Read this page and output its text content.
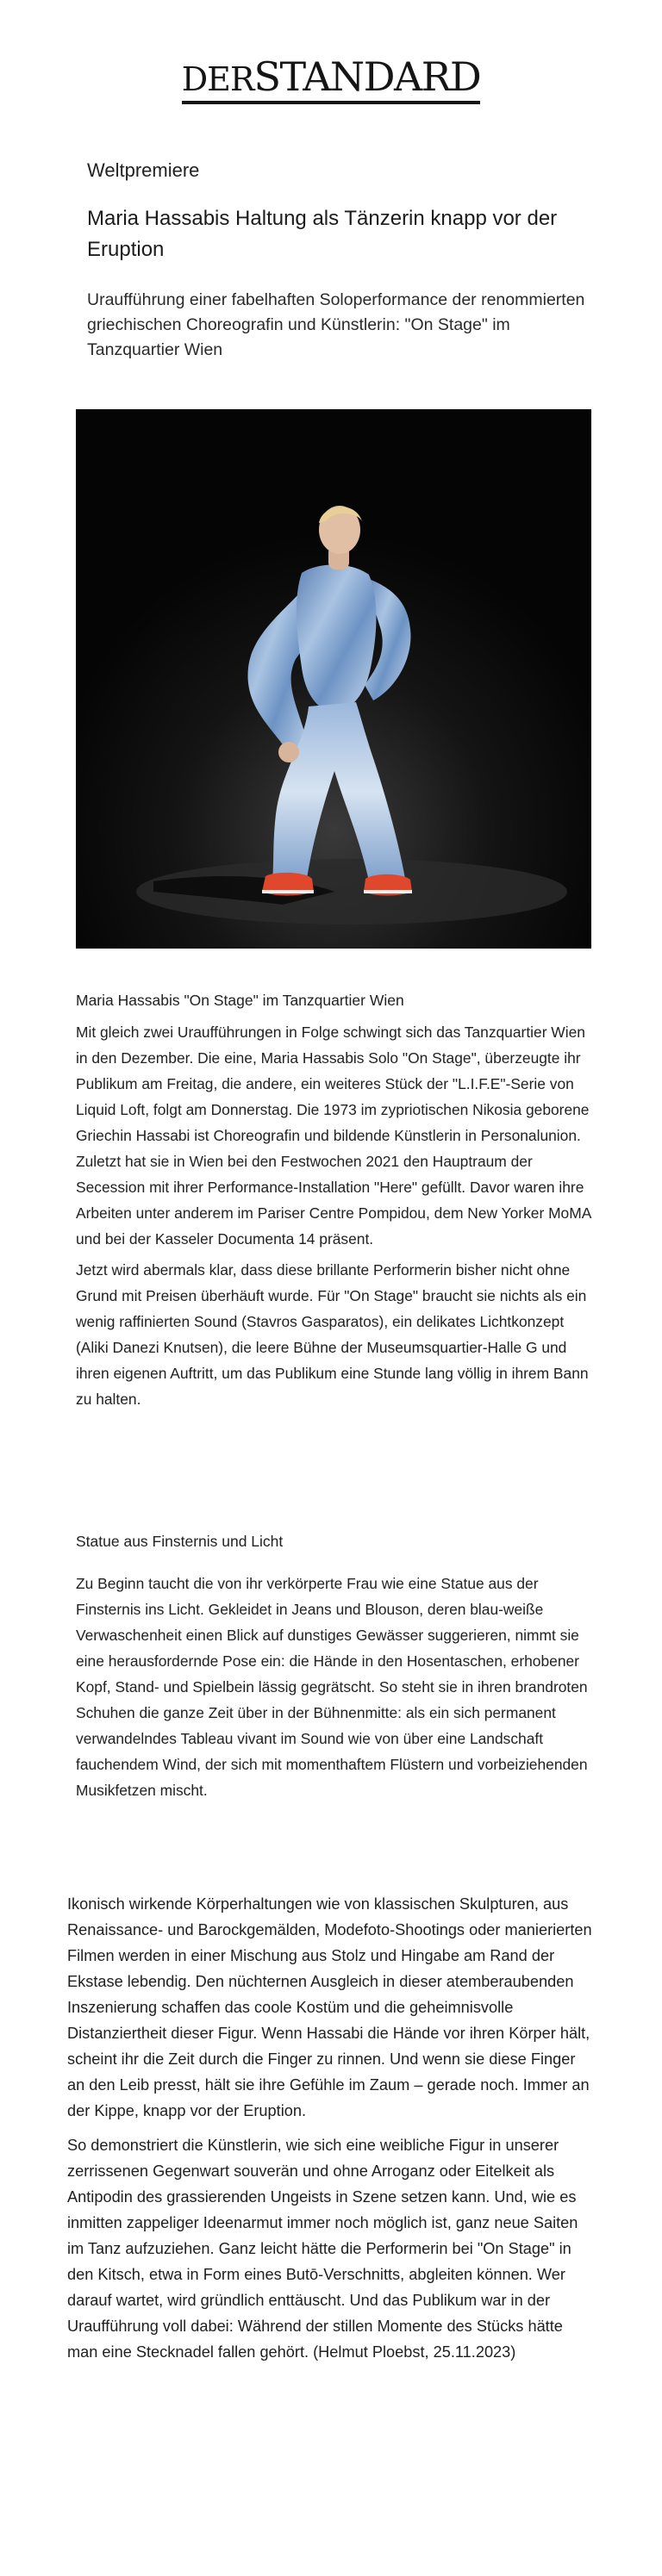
DERSTANDARD
Weltpremiere
Maria Hassabis Haltung als Tänzerin knapp vor der Eruption
Uraufführung einer fabelhaften Soloperformance der renommierten griechischen Choreografin und Künstlerin: "On Stage" im Tanzquartier Wien
Maria Hassabis "On Stage" im Tanzquartier Wien

Mit gleich zwei Uraufführungen in Folge schwingt sich das Tanzquartier Wien in den Dezember. Die eine, Maria Hassabis Solo "On Stage", überzeugte ihr Publikum am Freitag, die andere, ein weiteres Stück der "L.I.F.E"-Serie von Liquid Loft, folgt am Donnerstag. Die 1973 im zypriotischen Nikosia geborene Griechin Hassabi ist Choreografin und bildende Künstlerin in Personalunion. Zuletzt hat sie in Wien bei den Festwochen 2021 den Hauptraum der Secession mit ihrer Performance-Installation "Here" gefüllt. Davor waren ihre Arbeiten unter anderem im Pariser Centre Pompidou, dem New Yorker MoMA und bei der Kasseler Documenta 14 präsent.

Jetzt wird abermals klar, dass diese brillante Performerin bisher nicht ohne Grund mit Preisen überhäuft wurde. Für "On Stage" braucht sie nichts als ein wenig raffinierten Sound (Stavros Gasparatos), ein delikates Lichtkonzept (Aliki Danezi Knutsen), die leere Bühne der Museumsquartier-Halle G und ihren eigenen Auftritt, um das Publikum eine Stunde lang völlig in ihrem Bann zu halten.

Statue aus Finsternis und Licht

Zu Beginn taucht die von ihr verkörperte Frau wie eine Statue aus der Finsternis ins Licht. Gekleidet in Jeans und Blouson, deren blau-weiße Verwaschenheit einen Blick auf dunstiges Gewässer suggerieren, nimmt sie eine herausfordernde Pose ein: die Hände in den Hosentaschen, erhobener Kopf, Stand- und Spielbein lässig gegrätscht. So steht sie in ihren brandroten Schuhen die ganze Zeit über in der Bühnenmitte: als ein sich permanent verwandelndes Tableau vivant im Sound wie von über eine Landschaft fauchendem Wind, der sich mit momenthaftem Flüstern und vorbeiziehenden Musikfetzen mischt.

Ikonisch wirkende Körperhaltungen wie von klassischen Skulpturen, aus Renaissance- und Barockgemälden, Modefoto-Shootings oder manierierten Filmen werden in einer Mischung aus Stolz und Hingabe am Rand der Ekstase lebendig. Den nüchternen Ausgleich in dieser atemberaubenden Inszenierung schaffen das coole Kostüm und die geheimnisvolle Distanziertheit dieser Figur. Wenn Hassabi die Hände vor ihren Körper hält, scheint ihr die Zeit durch die Finger zu rinnen. Und wenn sie diese Finger an den Leib presst, hält sie ihre Gefühle im Zaum – gerade noch. Immer an der Kippe, knapp vor der Eruption.

So demonstriert die Künstlerin, wie sich eine weibliche Figur in unserer zerrissenen Gegenwart souverän und ohne Arroganz oder Eitelkeit als Antipodin des grassierenden Ungeists in Szene setzen kann. Und, wie es inmitten zappeliger Ideenarmut immer noch möglich ist, ganz neue Saiten im Tanz aufzuziehen. Ganz leicht hätte die Performerin bei "On Stage" in den Kitsch, etwa in Form eines Butō-Verschnitts, abgleiten können. Wer darauf wartet, wird gründlich enttäuscht. Und das Publikum war in der Uraufführung voll dabei: Während der stillen Momente des Stücks hätte man eine Stecknadel fallen gehört. (Helmut Ploebst, 25.11.2023)
